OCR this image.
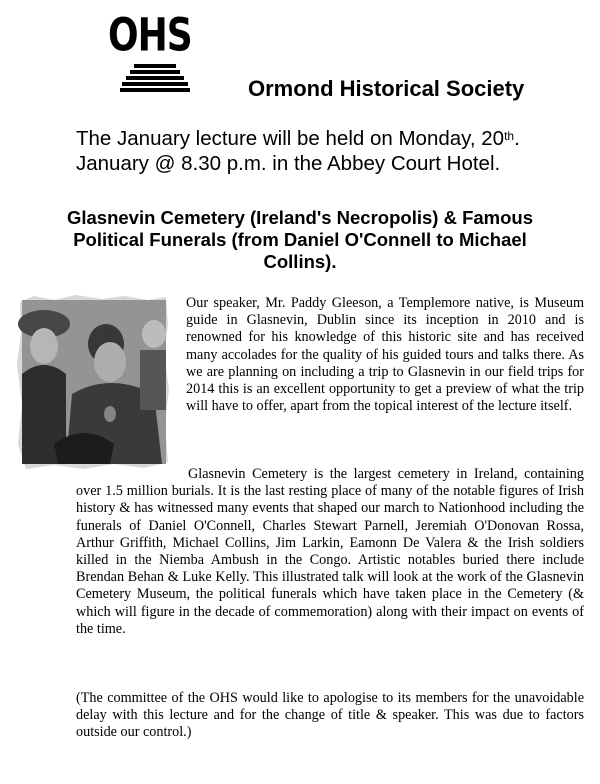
OHS
Ormond Historical Society

The January lecture will be held on Monday, 20th.
January @ 8.30 p.m. in the Abbey Court Hotel.

Glasnevin Cemetery (Ireland's Necropolis) & Famous Political Funerals (from Daniel O'Connell to Michael Collins).

Our speaker, Mr. Paddy Gleeson, a Templemore native, is Museum guide in Glasnevin, Dublin since its inception in 2010 and is renowned for his knowledge of this historic site and has received many accolades for the quality of his guided tours and talks there. As we are planning on including a trip to Glasnevin in our field trips for 2014 this is an excellent opportunity to get a preview of what the trip will have to offer, apart from the topical interest of the lecture itself.

Glasnevin Cemetery is the largest cemetery in Ireland, containing over 1.5 million burials. It is the last resting place of many of the notable figures of Irish history & has witnessed many events that shaped our march to Nationhood including the funerals of Daniel O'Connell, Charles Stewart Parnell, Jeremiah O'Donovan Rossa, Arthur Griffith, Michael Collins, Jim Larkin, Eamonn De Valera & the Irish soldiers killed in the Niemba Ambush in the Congo. Artistic notables buried there include Brendan Behan & Luke Kelly. This illustrated talk will look at the work of the Glasnevin Cemetery Museum, the political funerals which have taken place in the Cemetery (& which will figure in the decade of commemoration) along with their impact on events of the time.

(The committee of the OHS would like to apologise to its members for the unavoidable delay with this lecture and for the change of title & speaker. This was due to factors outside our control.)
